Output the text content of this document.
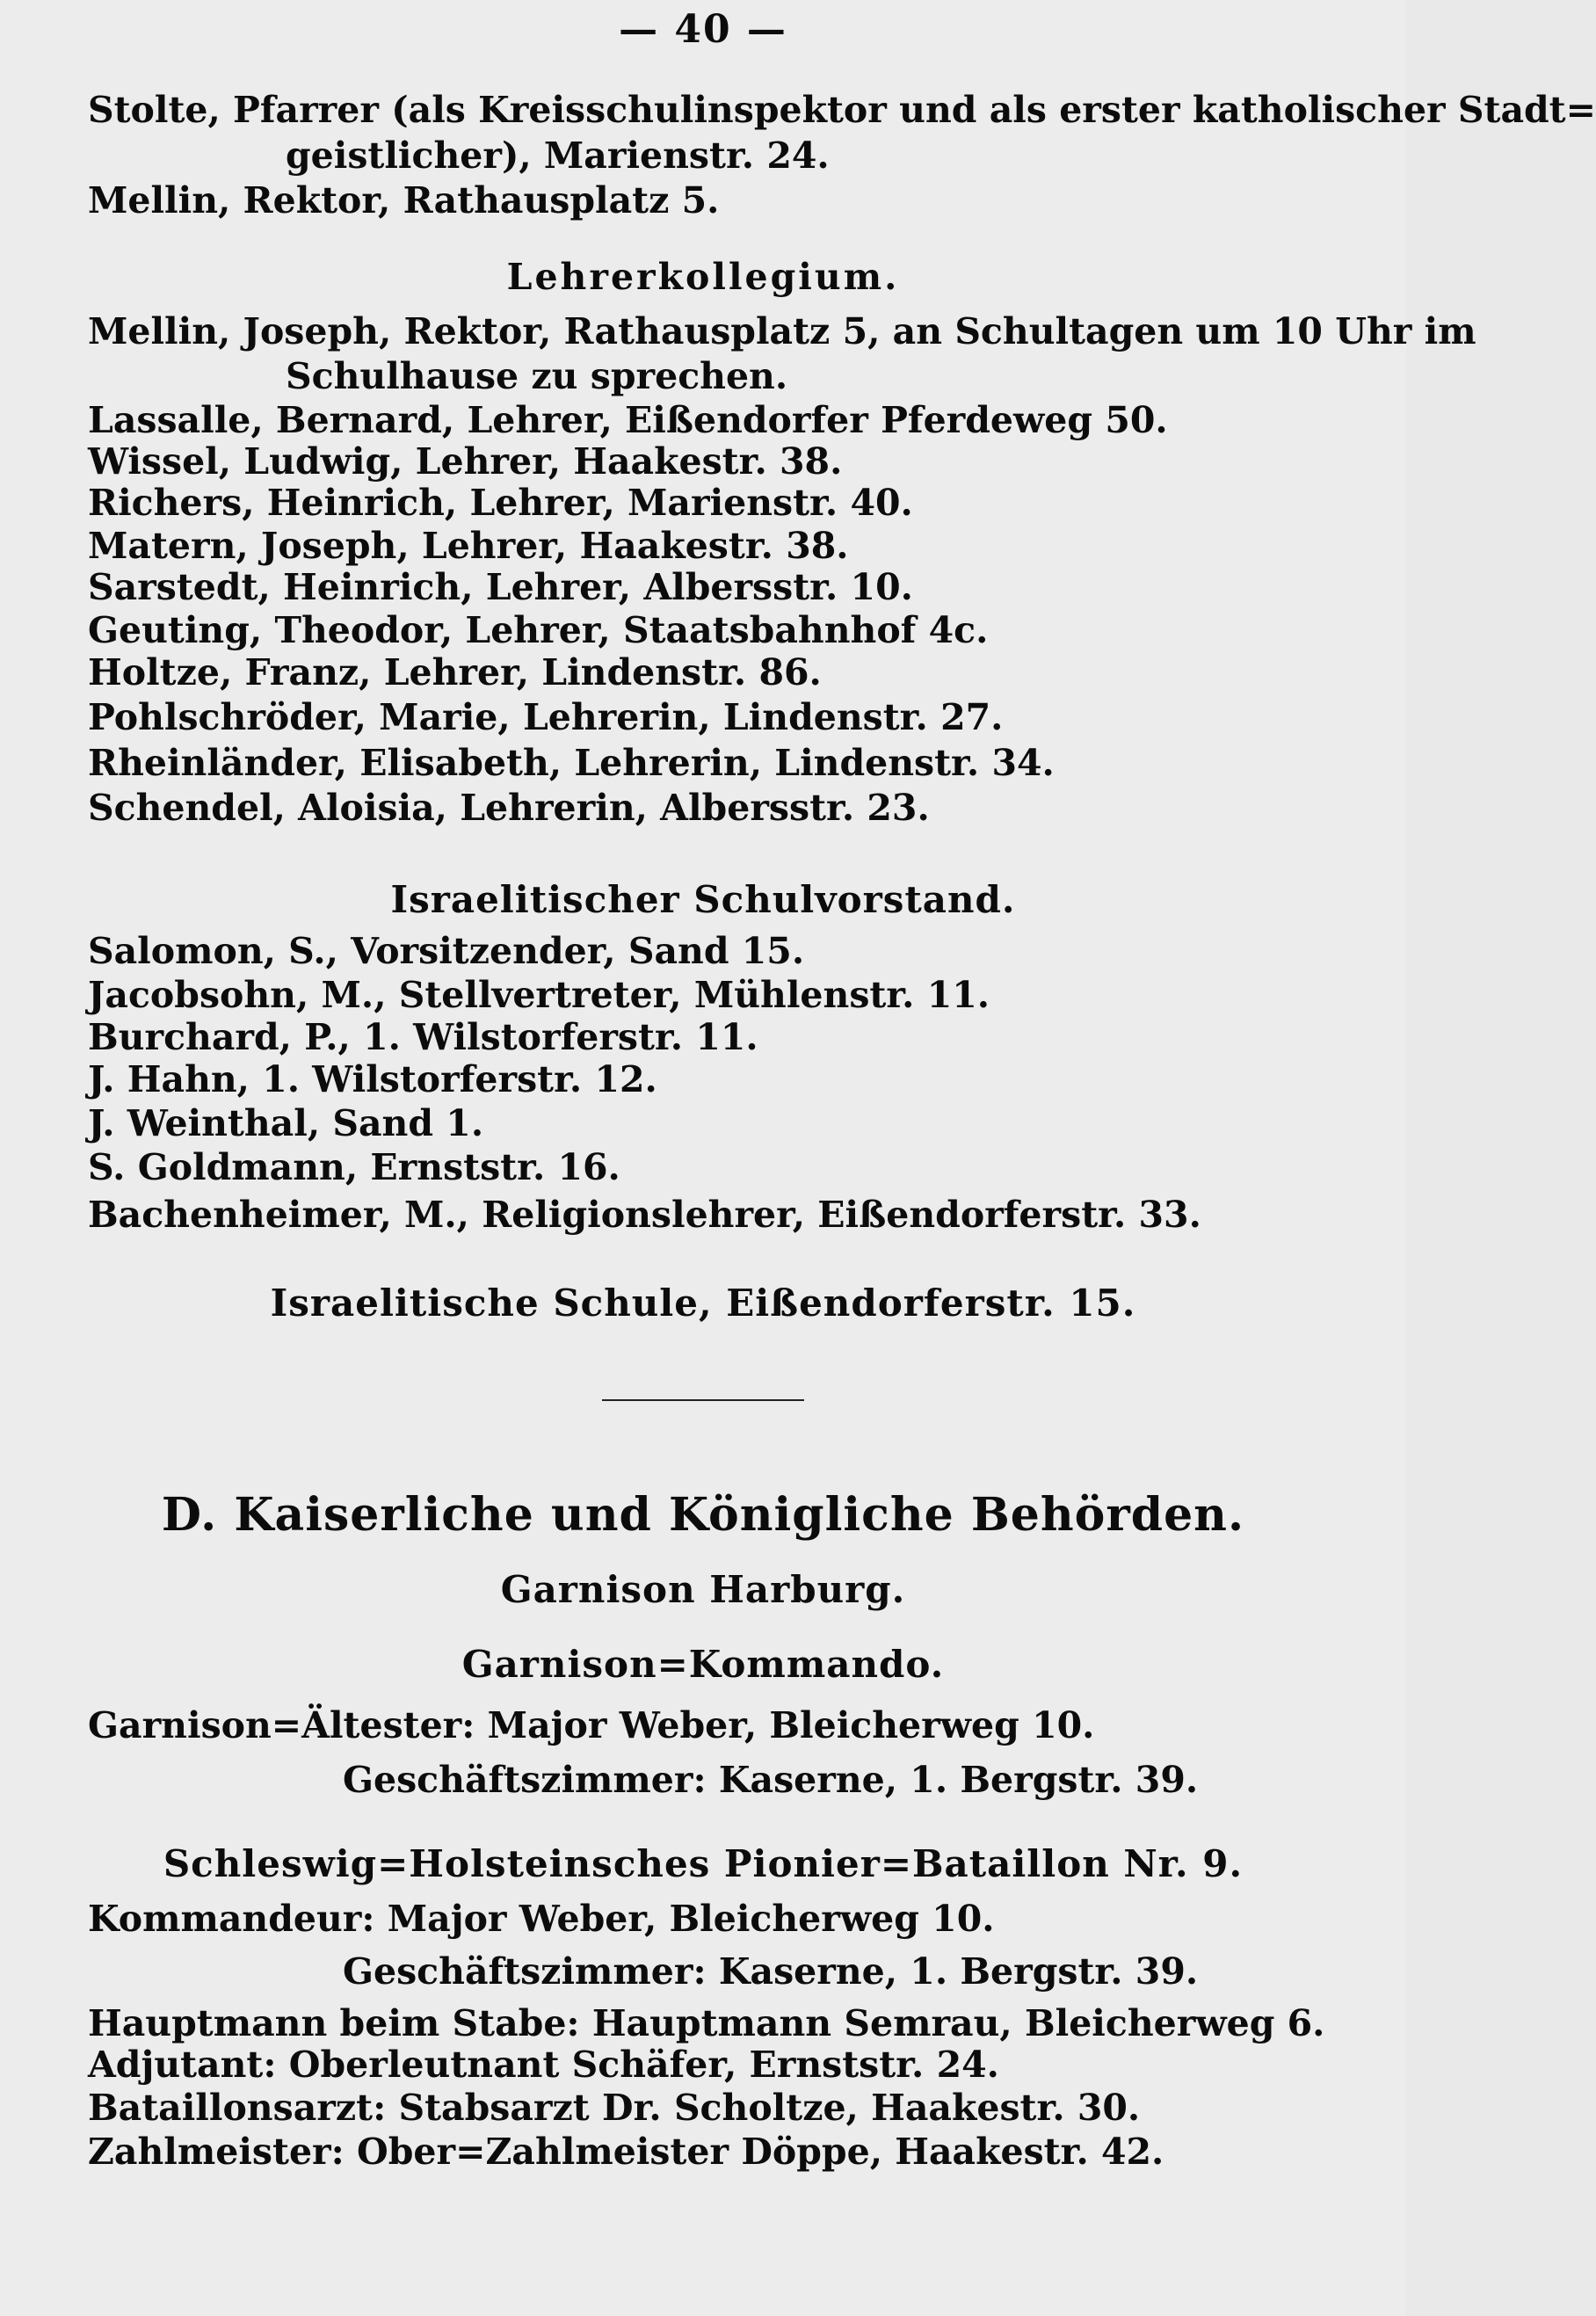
— 40 —
Stolte, Pfarrer (als Kreisschulinspektor und als erster katholischer Stadt=
geistlicher), Marienstr. 24.
Mellin, Rektor, Rathausplatz 5.
Lehrerkollegium.
Mellin, Joseph, Rektor, Rathausplatz 5, an Schultagen um 10 Uhr im
Schulhause zu sprechen.
Lassalle, Bernard, Lehrer, Eißendorfer Pferdeweg 50.
Wissel, Ludwig, Lehrer, Haakestr. 38.
Richers, Heinrich, Lehrer, Marienstr. 40.
Matern, Joseph, Lehrer, Haakestr. 38.
Sarstedt, Heinrich, Lehrer, Albersstr. 10.
Geuting, Theodor, Lehrer, Staatsbahnhof 4c.
Holtze, Franz, Lehrer, Lindenstr. 86.
Pohlschröder, Marie, Lehrerin, Lindenstr. 27.
Rheinländer, Elisabeth, Lehrerin, Lindenstr. 34.
Schendel, Aloisia, Lehrerin, Albersstr. 23.
Israelitischer Schulvorstand.
Salomon, S., Vorsitzender, Sand 15.
Jacobsohn, M., Stellvertreter, Mühlenstr. 11.
Burchard, P., 1. Wilstorferstr. 11.
J. Hahn, 1. Wilstorferstr. 12.
J. Weinthal, Sand 1.
S. Goldmann, Ernststr. 16.
Bachenheimer, M., Religionslehrer, Eißendorferstr. 33.
Israelitische Schule, Eißendorferstr. 15.
D. Kaiserliche und Königliche Behörden.
Garnison Harburg.
Garnison=Kommando.
Garnison=Ältester: Major Weber, Bleicherweg 10.
Geschäftszimmer: Kaserne, 1. Bergstr. 39.
Schleswig=Holsteinsches Pionier=Bataillon Nr. 9.
Kommandeur: Major Weber, Bleicherweg 10.
Geschäftszimmer: Kaserne, 1. Bergstr. 39.
Hauptmann beim Stabe: Hauptmann Semrau, Bleicherweg 6.
Adjutant: Oberleutnant Schäfer, Ernststr. 24.
Bataillonsarzt: Stabsarzt Dr. Scholtze, Haakestr. 30.
Zahlmeister: Ober=Zahlmeister Döppe, Haakestr. 42.
